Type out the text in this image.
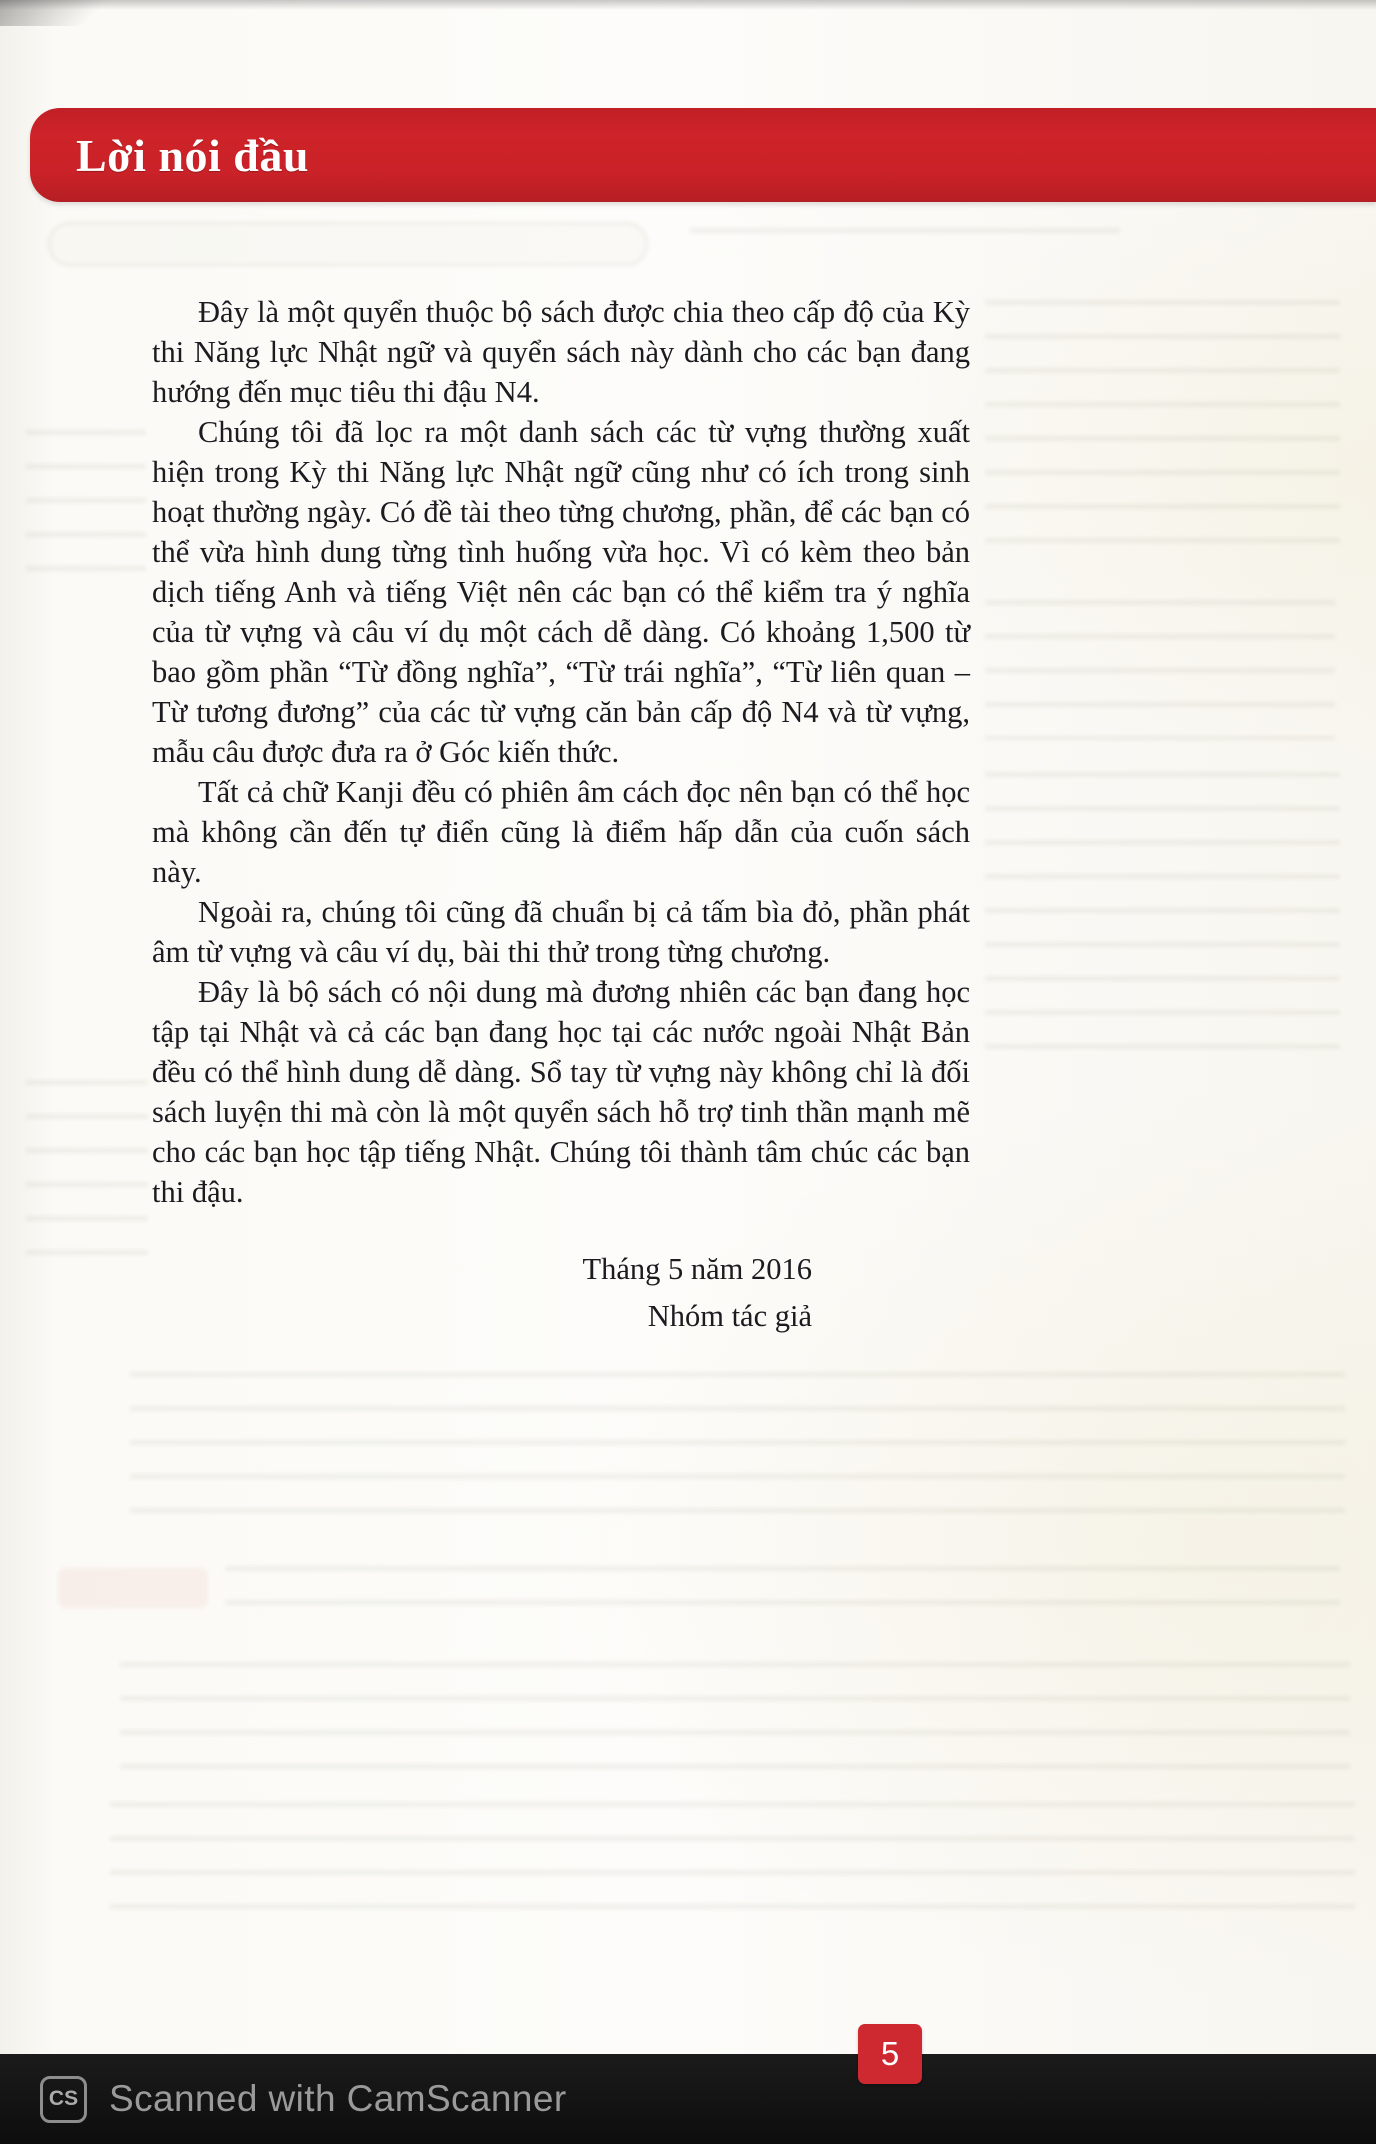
Lời nói đầu

Đây là một quyển thuộc bộ sách được chia theo cấp độ của Kỳ thi Năng lực Nhật ngữ và quyển sách này dành cho các bạn đang hướng đến mục tiêu thi đậu N4.

Chúng tôi đã lọc ra một danh sách các từ vựng thường xuất hiện trong Kỳ thi Năng lực Nhật ngữ cũng như có ích trong sinh hoạt thường ngày. Có đề tài theo từng chương, phần, để các bạn có thể vừa hình dung từng tình huống vừa học. Vì có kèm theo bản dịch tiếng Anh và tiếng Việt nên các bạn có thể kiểm tra ý nghĩa của từ vựng và câu ví dụ một cách dễ dàng. Có khoảng 1,500 từ bao gồm phần “Từ đồng nghĩa”, “Từ trái nghĩa”, “Từ liên quan – Từ tương đương” của các từ vựng căn bản cấp độ N4 và từ vựng, mẫu câu được đưa ra ở Góc kiến thức.

Tất cả chữ Kanji đều có phiên âm cách đọc nên bạn có thể học mà không cần đến tự điển cũng là điểm hấp dẫn của cuốn sách này.

Ngoài ra, chúng tôi cũng đã chuẩn bị cả tấm bìa đỏ, phần phát âm từ vựng và câu ví dụ, bài thi thử trong từng chương.

Đây là bộ sách có nội dung mà đương nhiên các bạn đang học tập tại Nhật và cả các bạn đang học tại các nước ngoài Nhật Bản đều có thể hình dung dễ dàng. Sổ tay từ vựng này không chỉ là đối sách luyện thi mà còn là một quyển sách hỗ trợ tinh thần mạnh mẽ cho các bạn học tập tiếng Nhật. Chúng tôi thành tâm chúc các bạn thi đậu.

Tháng 5 năm 2016
Nhóm tác giả
5
CS Scanned with CamScanner
